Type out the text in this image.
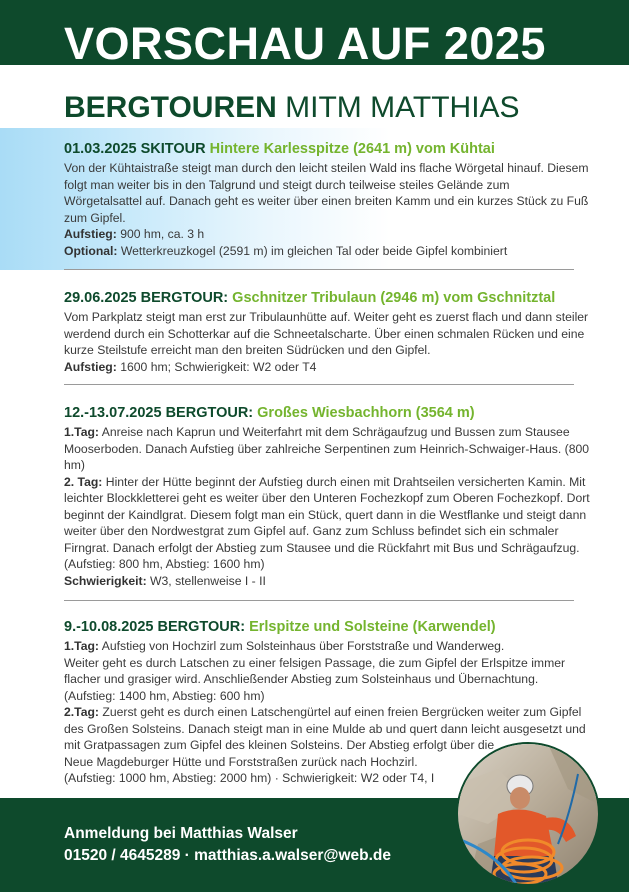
VORSCHAU AUF 2025
BERGTOUREN MITM MATTHIAS
01.03.2025 SKITOUR Hintere Karlesspitze (2641 m) vom Kühtai

Von der Kühtaistraße steigt man durch den leicht steilen Wald ins flache Wörgetal hinauf. Diesem folgt man weiter bis in den Talgrund und steigt durch teilweise steiles Gelände zum Wörgetalsattel auf. Danach geht es weiter über einen breiten Kamm und ein kurzes Stück zu Fuß zum Gipfel.

Aufstieg: 900 hm, ca. 3 h

Optional: Wetterkreuzkogel (2591 m) im gleichen Tal oder beide Gipfel kombiniert

29.06.2025 BERGTOUR: Gschnitzer Tribulaun (2946 m) vom Gschnitztal

Vom Parkplatz steigt man erst zur Tribulaunhütte auf. Weiter geht es zuerst flach und dann steiler werdend durch ein Schotterkar auf die Schneetalscharte. Über einen schmalen Rücken und eine kurze Steilstufe erreicht man den breiten Südrücken und den Gipfel.

Aufstieg: 1600 hm; Schwierigkeit: W2 oder T4

12.-13.07.2025 BERGTOUR: Großes Wiesbachhorn (3564 m)

1.Tag: Anreise nach Kaprun und Weiterfahrt mit dem Schrägaufzug und Bussen zum Stausee Mooserboden. Danach Aufstieg über zahlreiche Serpentinen zum Heinrich-Schwaiger-Haus. (800 hm)

2. Tag: Hinter der Hütte beginnt der Aufstieg durch einen mit Drahtseilen versicherten Kamin. Mit leichter Blockkletterei geht es weiter über den Unteren Fochezkopf zum Oberen Fochezkopf. Dort beginnt der Kaindlgrat. Diesem folgt man ein Stück, quert dann in die Westflanke und steigt dann weiter über den Nordwestgrat zum Gipfel auf. Ganz zum Schluss befindet sich ein schmaler Firngrat. Danach erfolgt der Abstieg zum Stausee und die Rückfahrt mit Bus und Schrägaufzug. (Aufstieg: 800 hm, Abstieg: 1600 hm)

Schwierigkeit: W3, stellenweise I - II

9.-10.08.2025 BERGTOUR: Erlspitze und Solsteine (Karwendel)

1.Tag: Aufstieg von Hochzirl zum Solsteinhaus über Forststraße und Wanderweg.

Weiter geht es durch Latschen zu einer felsigen Passage, die zum Gipfel der Erlspitze immer flacher und grasiger wird. Anschließender Abstieg zum Solsteinhaus und Übernachtung. (Aufstieg: 1400 hm, Abstieg: 600 hm)

2.Tag: Zuerst geht es durch einen Latschengürtel auf einen freien Bergrücken weiter zum Gipfel des Großen Solsteins. Danach steigt man in eine Mulde ab und quert dann leicht ausgesetzt und mit Gratpassagen zum Gipfel des kleinen Solsteins. Der Abstieg erfolgt über die

Neue Magdeburger Hütte und Forststraßen zurück nach Hochzirl.

(Aufstieg: 1000 hm, Abstieg: 2000 hm) · Schwierigkeit: W2 oder T4, I

Anmeldung bei Matthias Walser
01520 / 4645289 · matthias.a.walser@web.de
